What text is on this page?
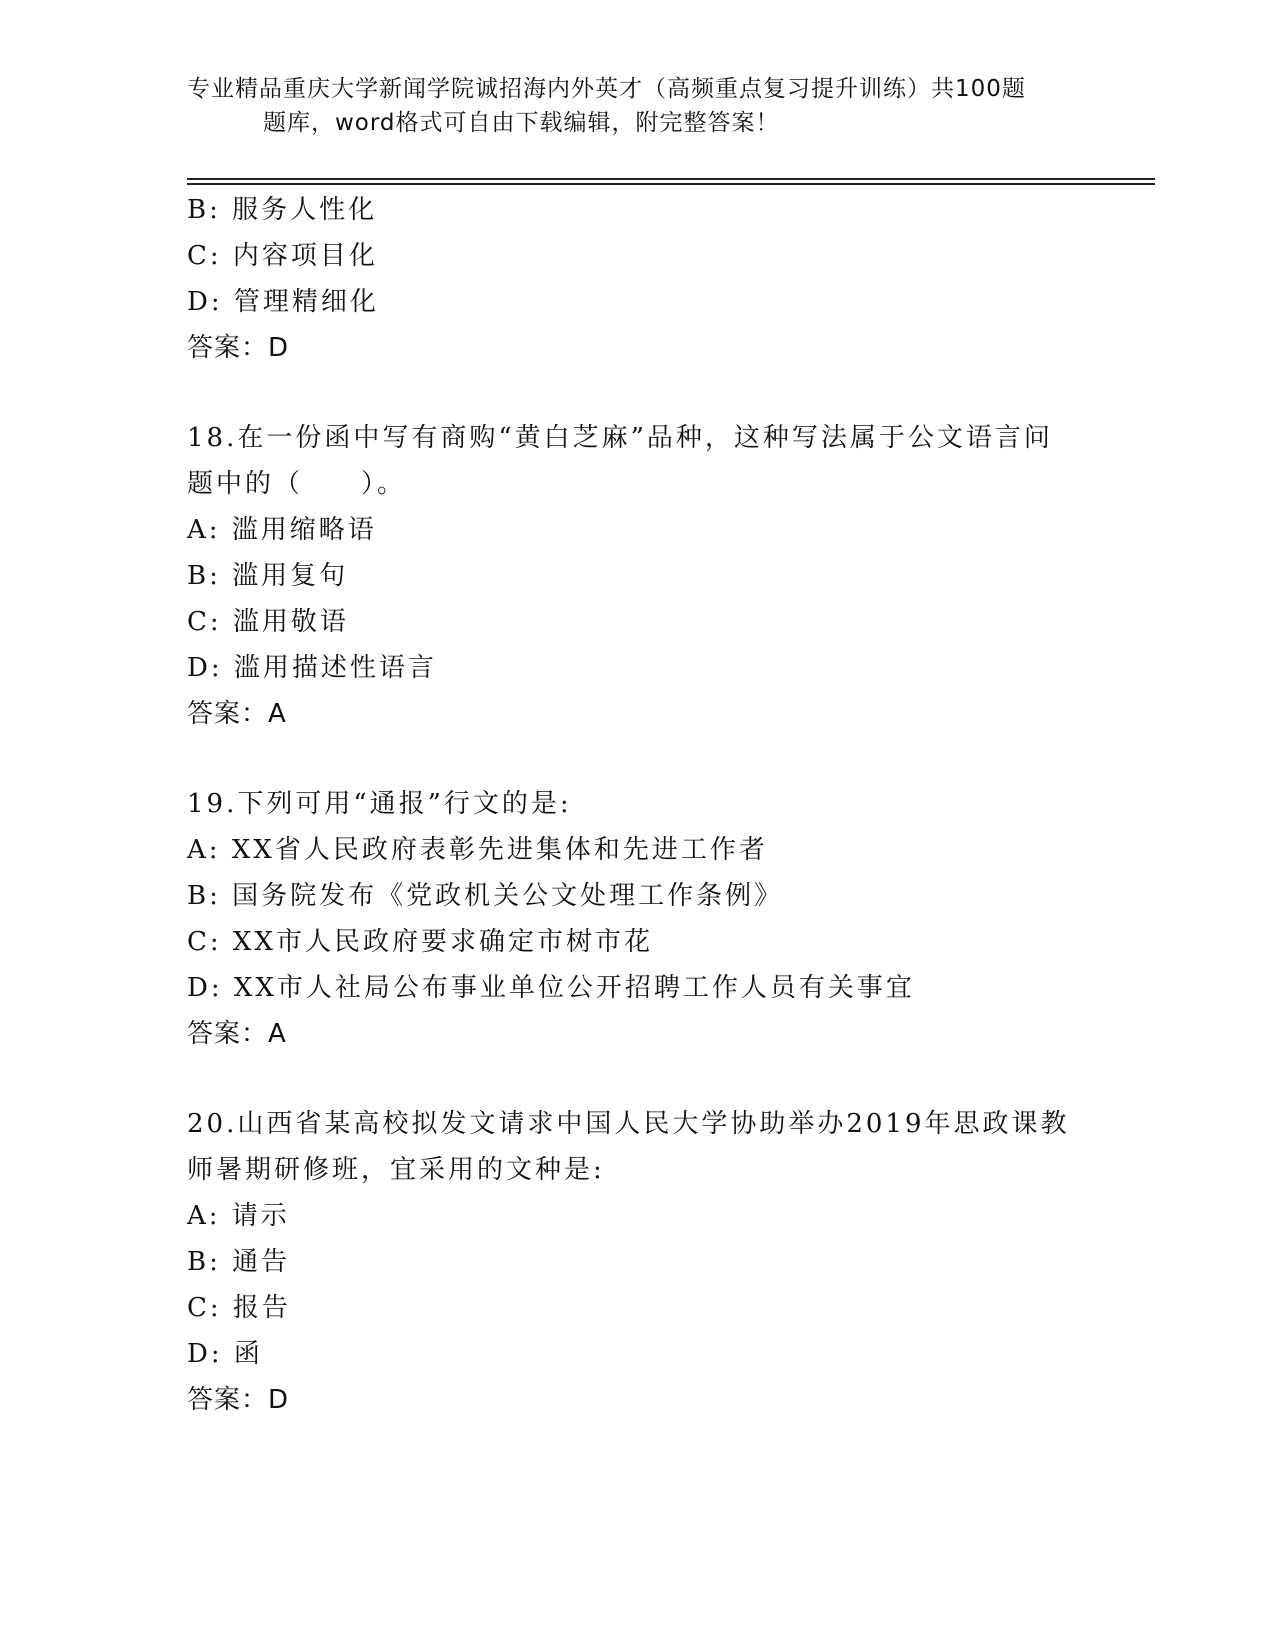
专业精品重庆大学新闻学院诚招海内外英才（高频重点复习提升训练）共100题
题库，word格式可自由下载编辑，附完整答案！
B: 服务人性化
C: 内容项目化
D: 管理精细化
答案：D
18.在一份函中写有商购“黄白芝麻”品种，这种写法属于公文语言问
题中的（　　）。
A: 滥用缩略语
B: 滥用复句
C: 滥用敬语
D: 滥用描述性语言
答案：A
19.下列可用“通报”行文的是:
A: XX省人民政府表彰先进集体和先进工作者
B: 国务院发布《党政机关公文处理工作条例》
C: XX市人民政府要求确定市树市花
D: XX市人社局公布事业单位公开招聘工作人员有关事宜
答案：A
20.山西省某高校拟发文请求中国人民大学协助举办2019年思政课教
师暑期研修班，宜采用的文种是:
A: 请示
B: 通告
C: 报告
D: 函
答案：D
